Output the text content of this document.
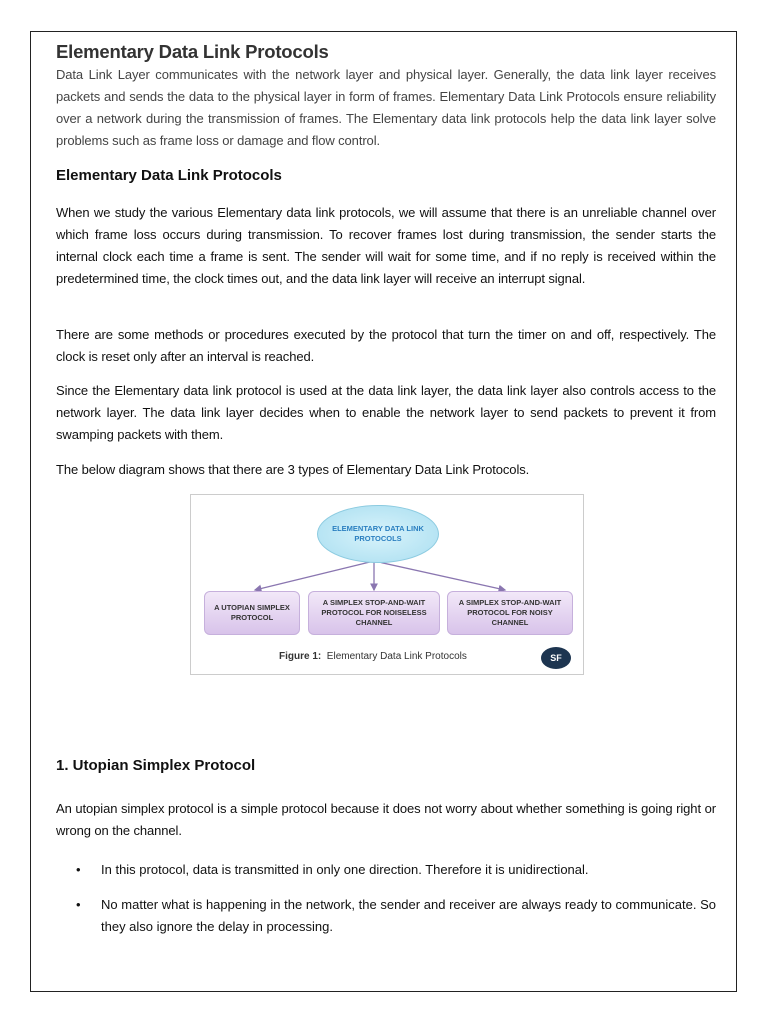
Elementary Data Link Protocols

Data Link Layer communicates with the network layer and physical layer. Generally, the data link layer receives packets and sends the data to the physical layer in form of frames. Elementary Data Link Protocols ensure reliability over a network during the transmission of frames. The Elementary data link protocols help the data link layer solve problems such as frame loss or damage and flow control.

Elementary Data Link Protocols

When we study the various Elementary data link protocols, we will assume that there is an unreliable channel over which frame loss occurs during transmission. To recover frames lost during transmission, the sender starts the internal clock each time a frame is sent. The sender will wait for some time, and if no reply is received within the predetermined time, the clock times out, and the data link layer will receive an interrupt signal.

There are some methods or procedures executed by the protocol that turn the timer on and off, respectively. The clock is reset only after an interval is reached.

Since the Elementary data link protocol is used at the data link layer, the data link layer also controls access to the network layer. The data link layer decides when to enable the network layer to send packets to prevent it from swamping packets with them.

The below diagram shows that there are 3 types of Elementary Data Link Protocols.

ELEMENTARY DATA LINK PROTOCOLS
A UTOPIAN SIMPLEX PROTOCOL
A SIMPLEX STOP-AND-WAIT PROTOCOL FOR NOISELESS CHANNEL
A SIMPLEX STOP-AND-WAIT PROTOCOL FOR NOISY CHANNEL
Figure 1: Elementary Data Link Protocols	SF
1. Utopian Simplex Protocol

An utopian simplex protocol is a simple protocol because it does not worry about whether something is going right or wrong on the channel.

• In this protocol, data is transmitted in only one direction. Therefore it is unidirectional.
• No matter what is happening in the network, the sender and receiver are always ready to communicate. So they also ignore the delay in processing.
